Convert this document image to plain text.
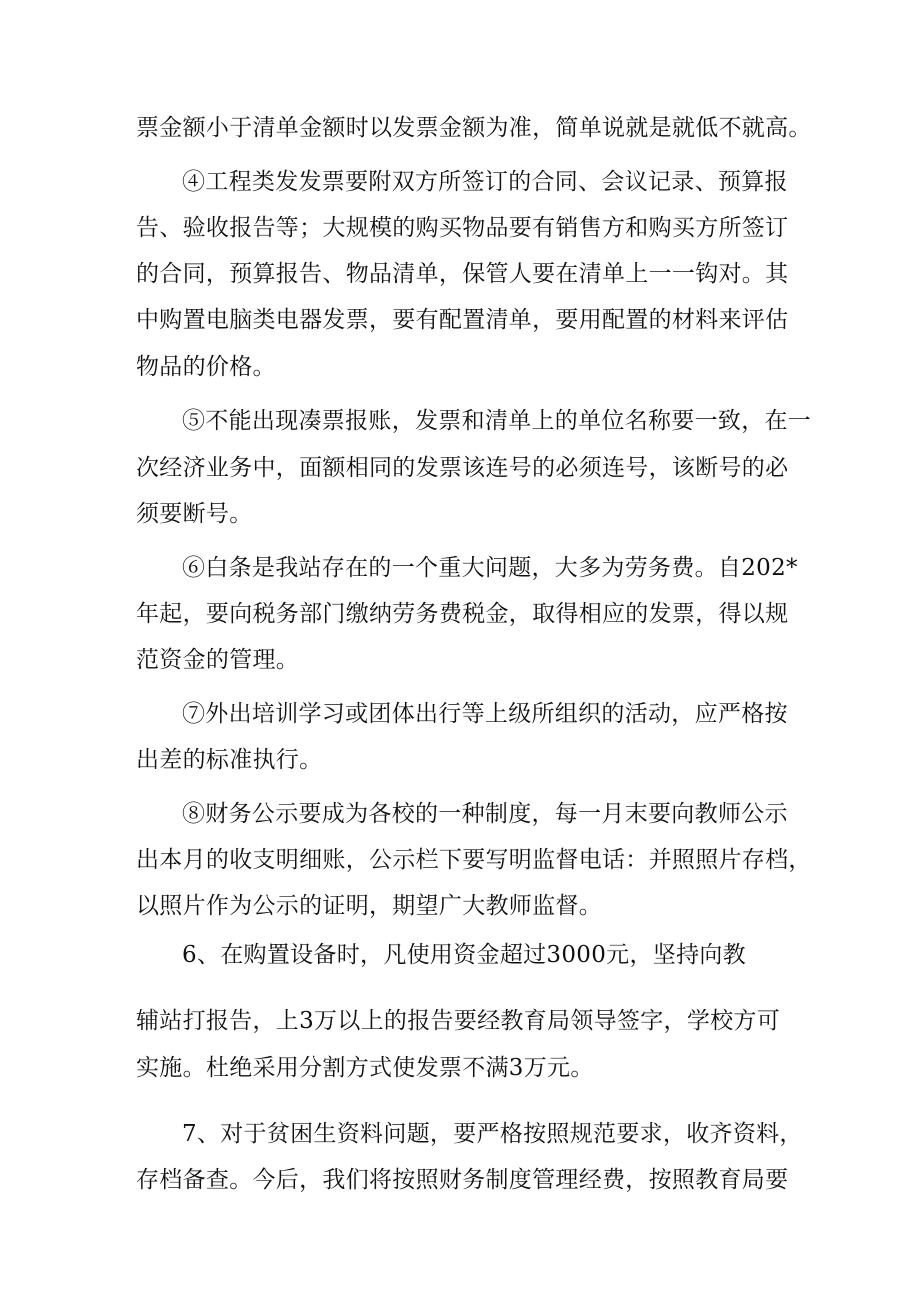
票金额小于清单金额时以发票金额为准，简单说就是就低不就高。
④工程类发发票要附双方所签订的合同、会议记录、预算报
告、验收报告等；大规模的购买物品要有销售方和购买方所签订
的合同，预算报告、物品清单，保管人要在清单上一一钩对。其
中购置电脑类电器发票，要有配置清单，要用配置的材料来评估
物品的价格。
⑤不能出现凑票报账，发票和清单上的单位名称要一致，在一
次经济业务中，面额相同的发票该连号的必须连号，该断号的必
须要断号。
⑥白条是我站存在的一个重大问题，大多为劳务费。自202*
年起，要向税务部门缴纳劳务费税金，取得相应的发票，得以规
范资金的管理。
⑦外出培训学习或团体出行等上级所组织的活动，应严格按
出差的标准执行。
⑧财务公示要成为各校的一种制度，每一月末要向教师公示
出本月的收支明细账，公示栏下要写明监督电话：并照照片存档，
以照片作为公示的证明，期望广大教师监督。
6、在购置设备时，凡使用资金超过3000元，坚持向教
辅站打报告，上3万以上的报告要经教育局领导签字，学校方可
实施。杜绝采用分割方式使发票不满3万元。
7、对于贫困生资料问题，要严格按照规范要求，收齐资料，
存档备查。今后，我们将按照财务制度管理经费，按照教育局要
